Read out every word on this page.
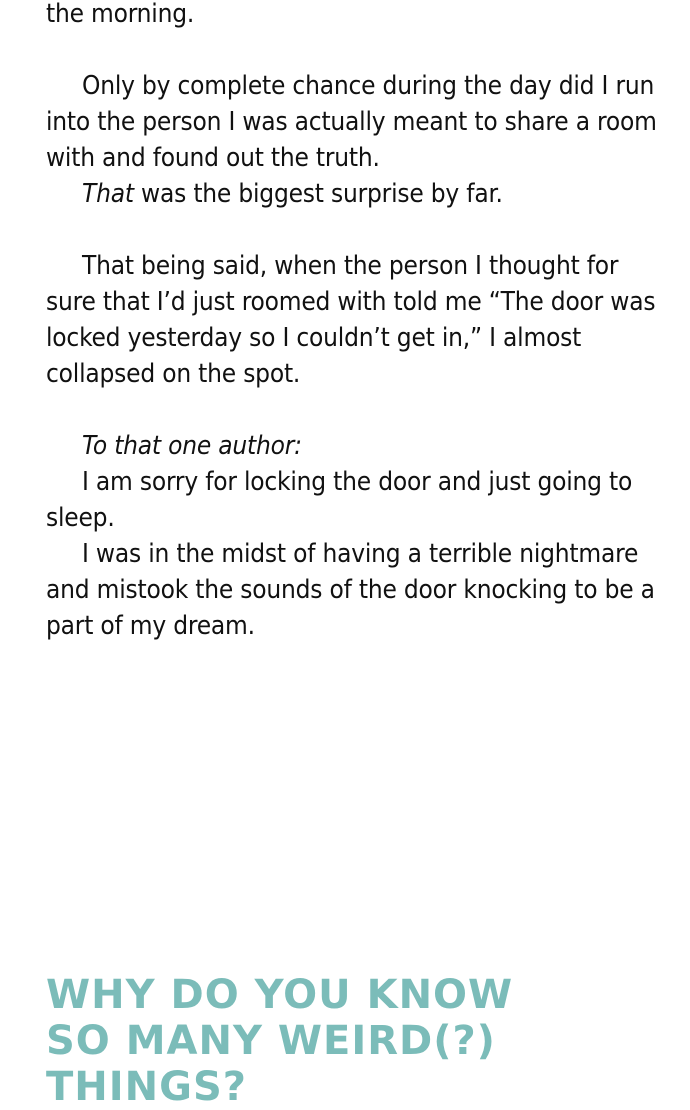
the morning.
Only by complete chance during the day did I run
into the person I was actually meant to share a room
with and found out the truth.
That was the biggest surprise by far.
That being said, when the person I thought for
sure that I’d just roomed with told me “The door was
locked yesterday so I couldn’t get in,” I almost
collapsed on the spot.
To that one author:
I am sorry for locking the door and just going to
sleep.
I was in the midst of having a terrible nightmare
and mistook the sounds of the door knocking to be a
part of my dream.
WHY DO YOU KNOW
SO MANY WEIRD(?)
THINGS?
